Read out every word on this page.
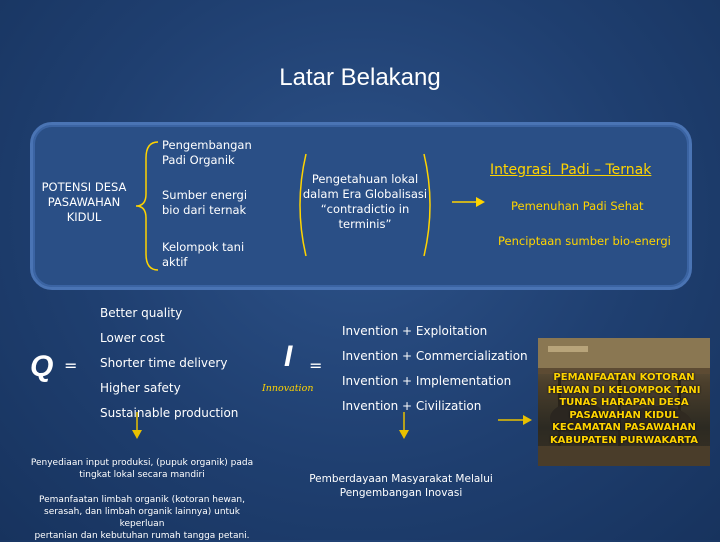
Latar Belakang
POTENSI DESA
PASAWAHAN
KIDUL
Pengembangan Padi Organik
Sumber energi bio dari ternak
Kelompok tani aktif
Pengetahuan lokal
dalam Era Globalisasi
“contradictio in
terminis”
Integrasi  Padi – Ternak
Pemenuhan Padi Sehat
Penciptaan sumber bio-energi
Q =
Better quality
Lower cost
Shorter time delivery
Higher safety
Sustainable production
I =
Innovation
Invention + Exploitation
Invention + Commercialization
Invention + Implementation
Invention + Civilization
Penyediaan input produksi, (pupuk organik) pada
tingkat lokal secara mandiri
Pemanfaatan limbah organik (kotoran hewan,
serasah, dan limbah organik lainnya) untuk keperluan
pertanian dan kebutuhan rumah tangga petani.
Pemberdayaan Masyarakat Melalui
Pengembangan Inovasi
PEMANFAATAN KOTORAN
HEWAN DI KELOMPOK TANI
TUNAS HARAPAN DESA
PASAWAHAN KIDUL
KECAMATAN PASAWAHAN
KABUPATEN PURWAKARTA
